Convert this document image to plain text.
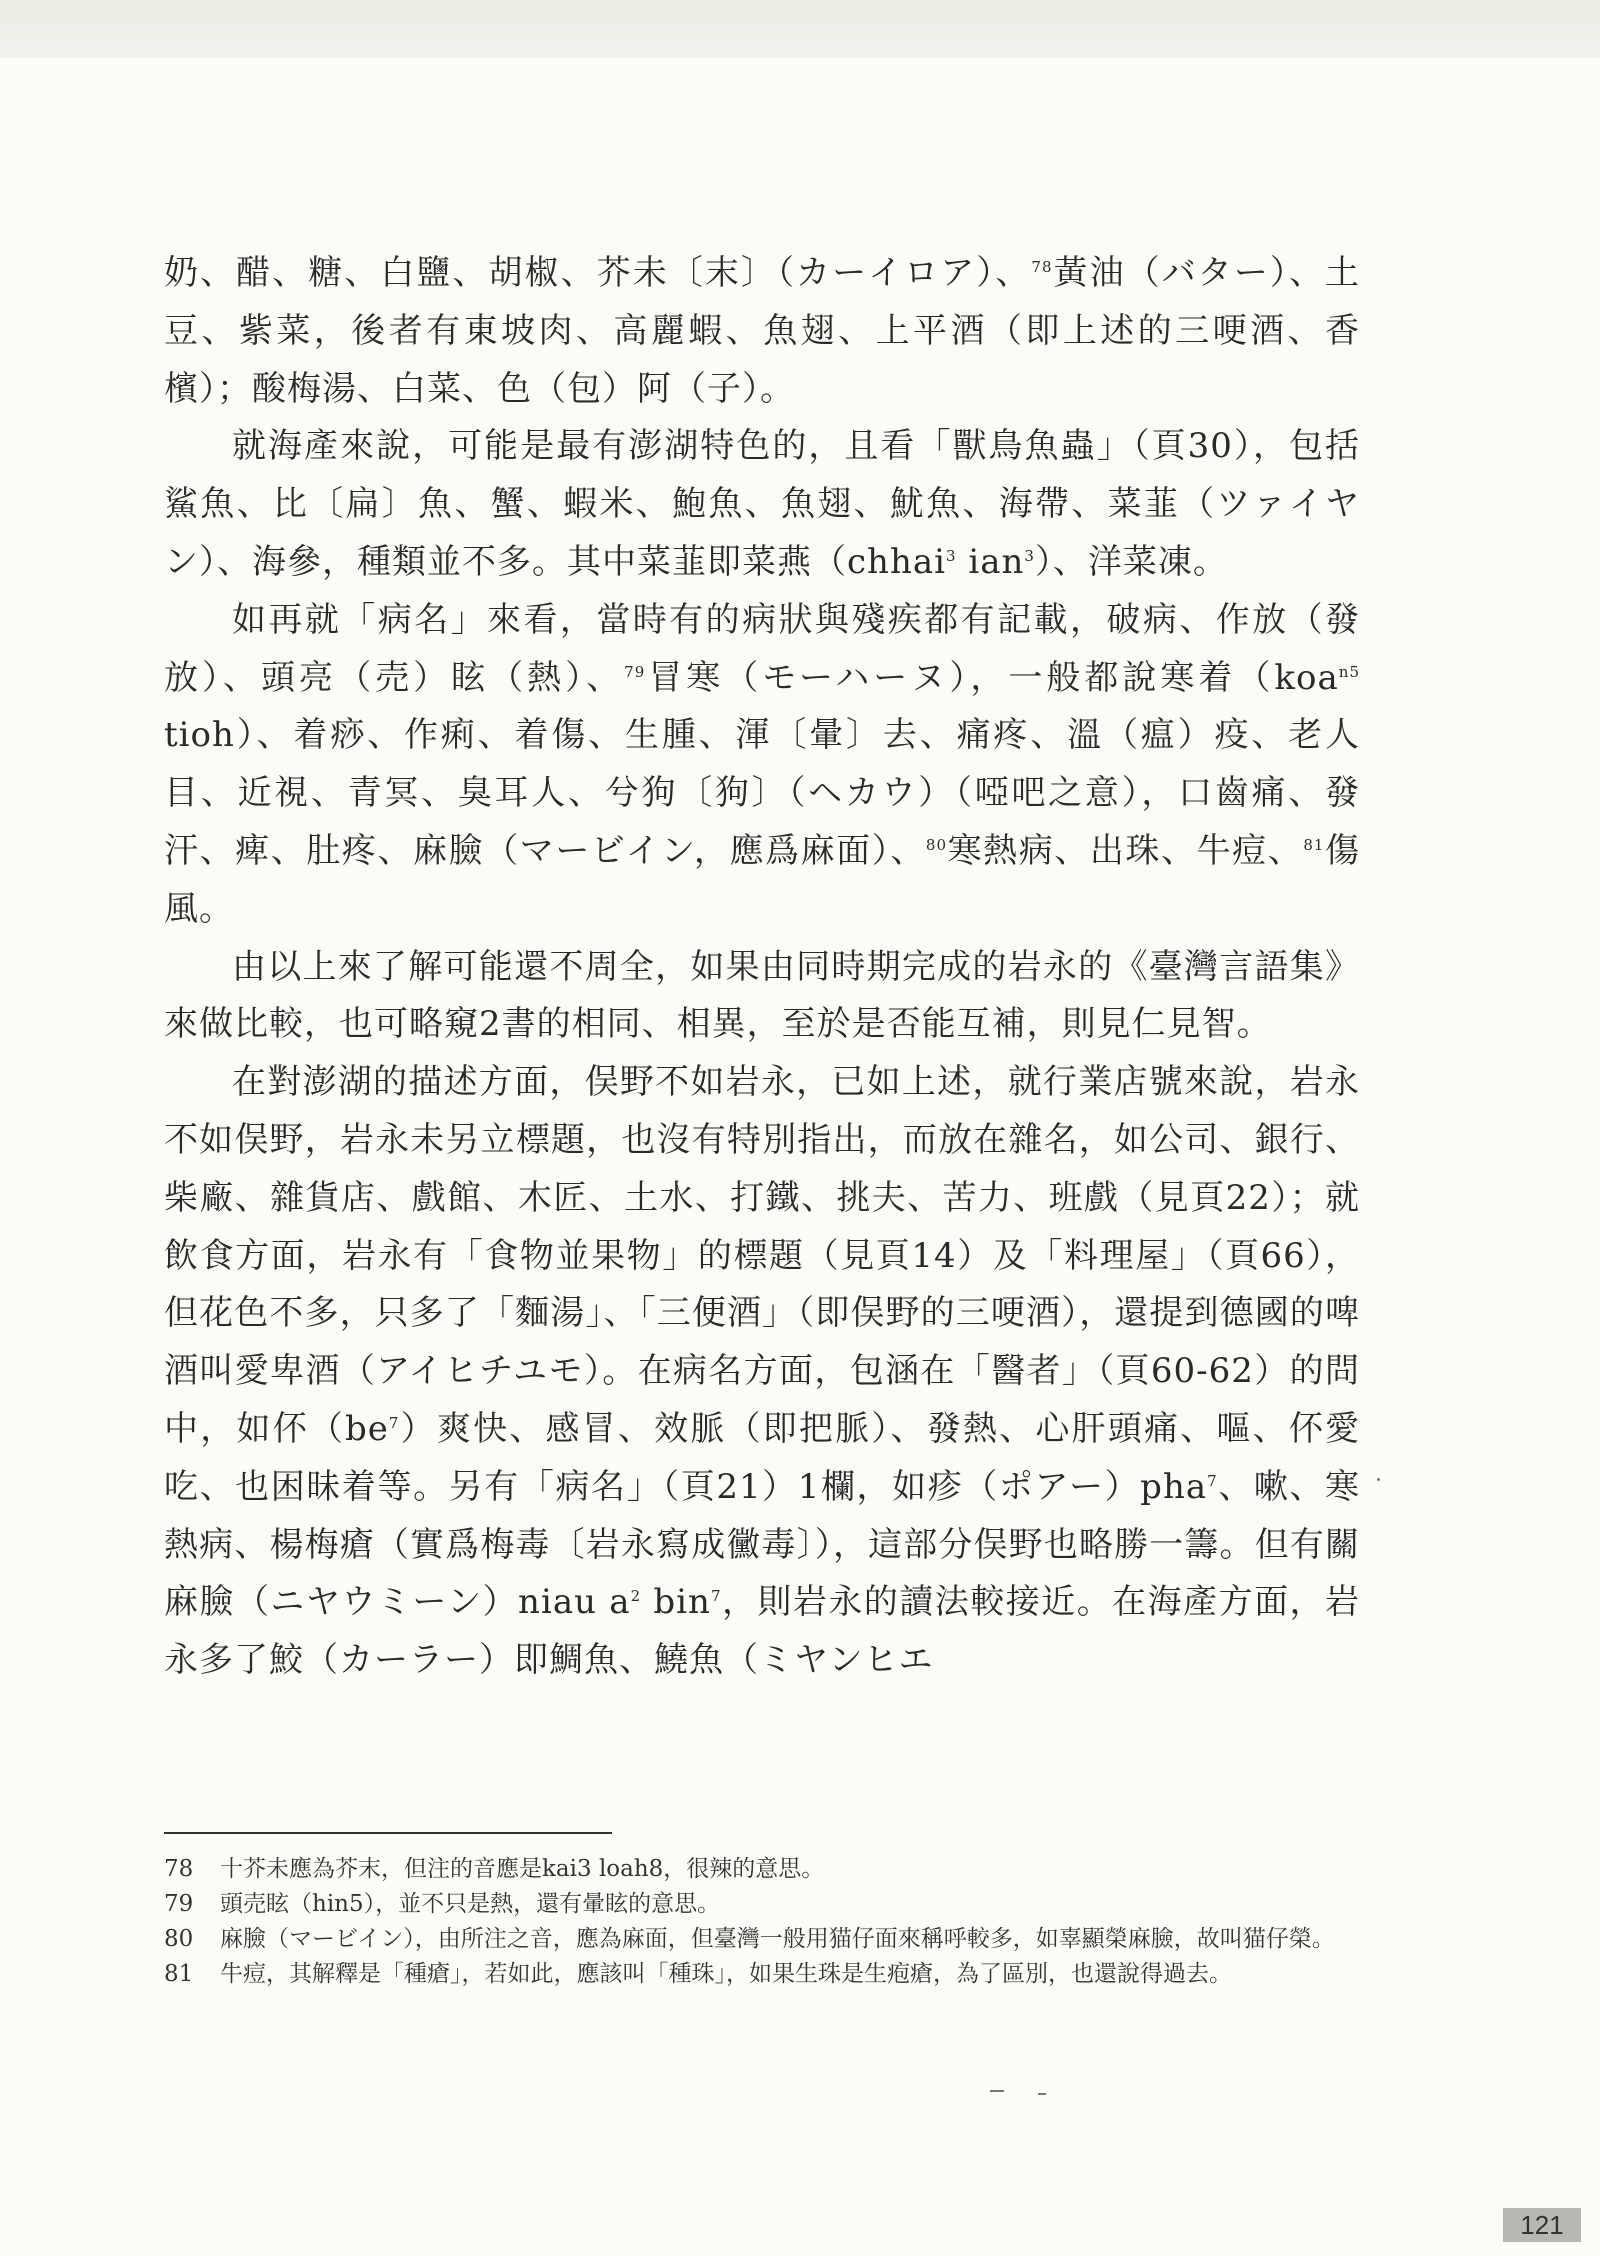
奶、醋、糖、白鹽、胡椒、芥未〔末〕（カーイロア）、$^{78}$黃油（バター）、土豆、紫菜，後者有東坡肉、高麗蝦、魚翅、上平酒（即上述的三哽酒、香檳）；酸梅湯、白菜、色（包）阿（子）。

就海產來說，可能是最有澎湖特色的，且看「獸鳥魚蟲」（頁30），包括鯊魚、比〔扁〕魚、蟹、蝦米、鮑魚、魚翅、魷魚、海帶、菜韮（ツァイヤン）、海參，種類並不多。其中菜韮即菜燕（chhai$^3$ ian$^3$）、洋菜凍。

如再就「病名」來看，當時有的病狀與殘疾都有記載，破病、作放（發放）、頭亮（売）眩（熱）、$^{79}$冒寒（モーハーヌ），一般都說寒着（koa$^{n5}$ tioh）、着痧、作痢、着傷、生腫、渾〔暈〕去、痛疼、溫（瘟）疫、老人目、近視、青冥、臭耳人、兮狗〔狗〕（ヘカウ）（啞吧之意），口齒痛、發汗、痺、肚疼、麻臉（マービイン，應爲麻面）、$^{80}$寒熱病、出珠、牛痘、$^{81}$傷風。

由以上來了解可能還不周全，如果由同時期完成的岩永的《臺灣言語集》來做比較，也可略窺2書的相同、相異，至於是否能互補，則見仁見智。

在對澎湖的描述方面，俣野不如岩永，已如上述，就行業店號來說，岩永不如俣野，岩永未另立標題，也沒有特別指出，而放在雜名，如公司、銀行、柴廠、雜貨店、戲館、木匠、土水、打鐵、挑夫、苦力、班戲（見頁22）；就飲食方面，岩永有「食物並果物」的標題（見頁14）及「料理屋」（頁66），但花色不多，只多了「麵湯」、「三便酒」（即俣野的三哽酒），還提到德國的啤酒叫愛卑酒（アイヒチユモ）。在病名方面，包涵在「醫者」（頁60-62）的問中，如伓$(be^7)$爽快、感冒、效脈（即把脈）、發熱、心肝頭痛、嘔、伓愛吃、也困昧着等。另有「病名」（頁21）1欄，如疹（ポアー）pha$^7$、嗽、寒熱病、楊梅瘡（實爲梅毒〔岩永寫成黴毒〕），這部分俣野也略勝一籌。但有關麻臉（ニヤウミーン）niau $a^2$ bin$^7$，則岩永的讀法較接近。在海產方面，岩永多了鮫（カーラー）即鯛魚、鱙魚（ミヤンヒエ

78	十芥未應為芥末，但注的音應是kai3 loah8，很辣的意思。
79	頭売眩（hin5），並不只是熱，還有暈眩的意思。
80	麻臉（マービイン），由所注之音，應為麻面，但臺灣一般用猫仔面來稱呼較多，如辜顯榮麻臉，故叫猫仔榮。
81	牛痘，其解釋是「種瘡」，若如此，應該叫「種珠」，如果生珠是生疱瘡，為了區別，也還說得過去。
121
